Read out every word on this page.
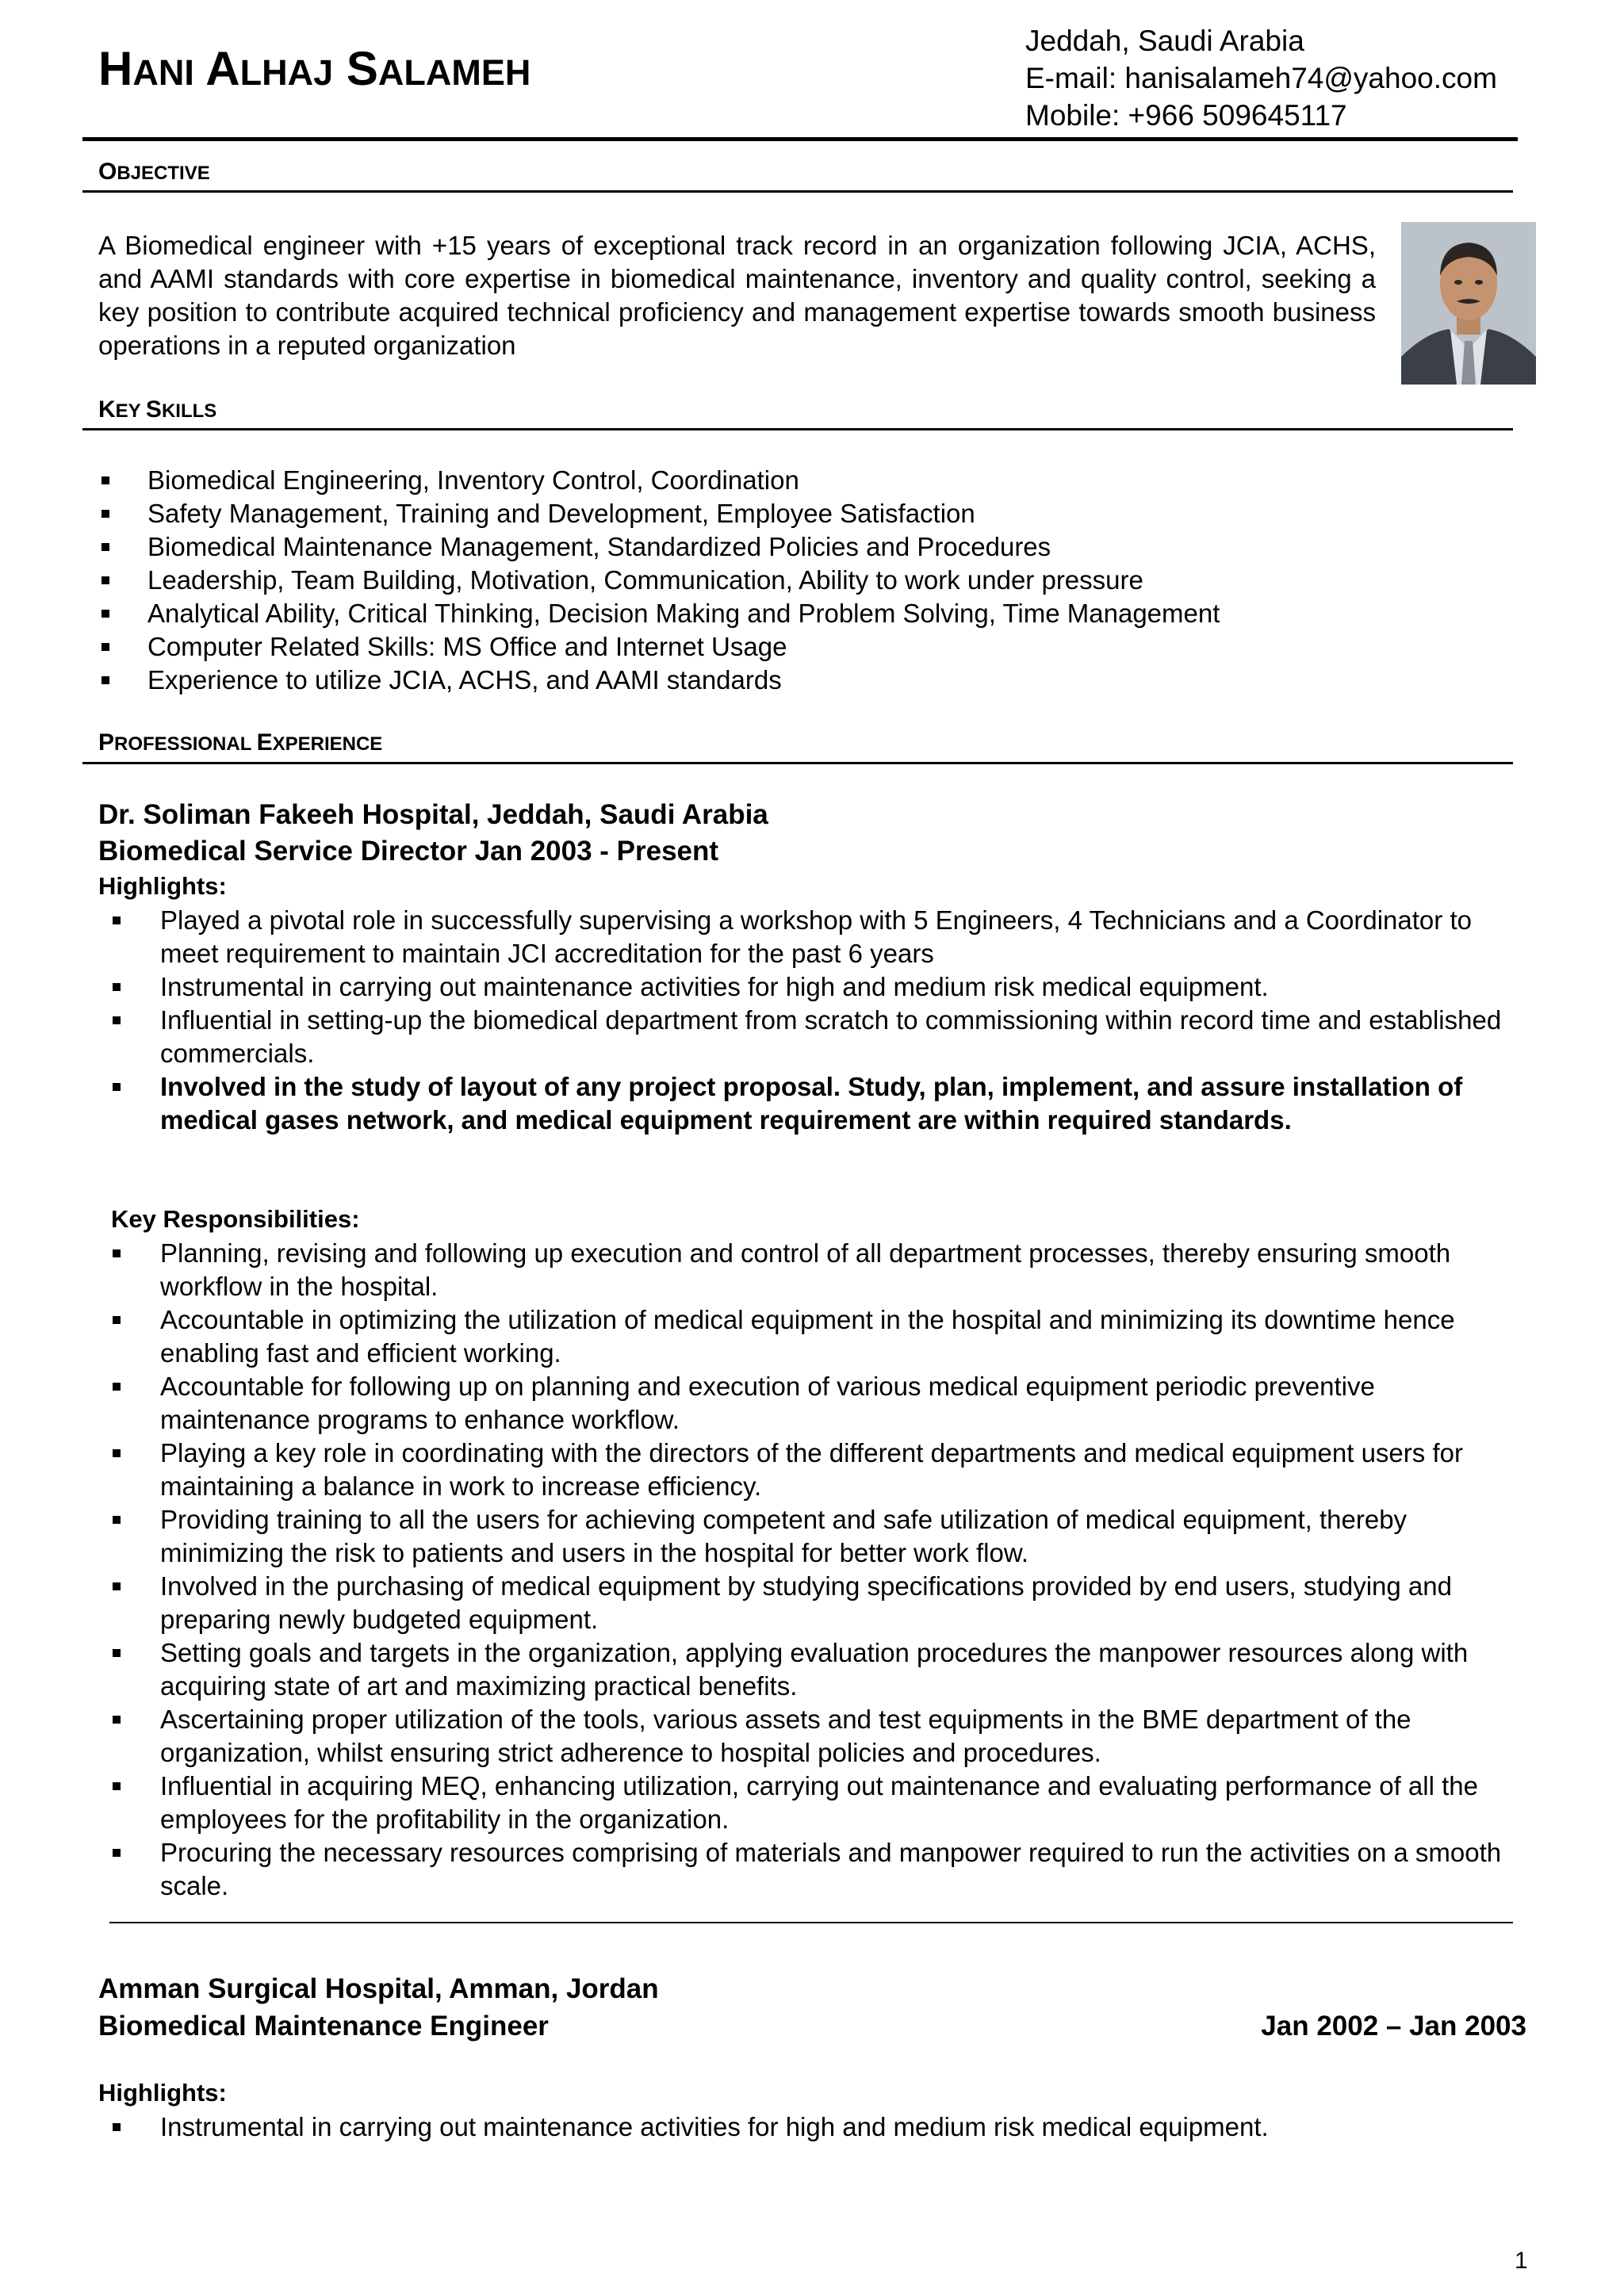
HANI ALHAJ SALAMEH
Jeddah, Saudi Arabia
E-mail: hanisalameh74@yahoo.com
Mobile: +966 509645117
OBJECTIVE
A Biomedical engineer with +15 years of exceptional track record in an organization following JCIA, ACHS, and AAMI standards with core expertise in biomedical maintenance, inventory and quality control, seeking a key position to contribute acquired technical proficiency and management expertise towards smooth business operations in a reputed organization
KEY SKILLS
Biomedical Engineering, Inventory Control, Coordination
Safety Management, Training and Development, Employee Satisfaction
Biomedical Maintenance Management, Standardized Policies and Procedures
Leadership, Team Building, Motivation, Communication, Ability to work under pressure
Analytical Ability, Critical Thinking, Decision Making and Problem Solving, Time Management
Computer Related Skills: MS Office and Internet Usage
Experience to utilize JCIA, ACHS, and AAMI standards
PROFESSIONAL EXPERIENCE
Dr. Soliman Fakeeh Hospital, Jeddah, Saudi Arabia
Biomedical Service Director Jan 2003 - Present
Highlights:
Played a pivotal role in successfully supervising a workshop with 5 Engineers, 4 Technicians and a Coordinator to meet requirement to maintain JCI accreditation for the past 6 years
Instrumental in carrying out maintenance activities for high and medium risk medical equipment.
Influential in setting-up the biomedical department from scratch to commissioning within record time and established commercials.
Involved in the study of layout of any project proposal. Study, plan, implement, and assure installation of medical gases network, and medical equipment requirement are within required standards.
Key Responsibilities:
Planning, revising and following up execution and control of all department processes, thereby ensuring smooth workflow in the hospital.
Accountable in optimizing the utilization of medical equipment in the hospital and minimizing its downtime hence enabling fast and efficient working.
Accountable for following up on planning and execution of various medical equipment periodic preventive maintenance programs to enhance workflow.
Playing a key role in coordinating with the directors of the different departments and medical equipment users for maintaining a balance in work to increase efficiency.
Providing training to all the users for achieving competent and safe utilization of medical equipment, thereby minimizing the risk to patients and users in the hospital for better work flow.
Involved in the purchasing of medical equipment by studying specifications provided by end users, studying and preparing newly budgeted equipment.
Setting goals and targets in the organization, applying evaluation procedures the manpower resources along with acquiring state of art and maximizing practical benefits.
Ascertaining proper utilization of the tools, various assets and test equipments in the BME department of the organization, whilst ensuring strict adherence to hospital policies and procedures.
Influential in acquiring MEQ, enhancing utilization, carrying out maintenance and evaluating performance of all the employees for the profitability in the organization.
Procuring the necessary resources comprising of materials and manpower required to run the activities on a smooth scale.
Amman Surgical Hospital, Amman, Jordan
Biomedical Maintenance Engineer	Jan 2002 – Jan 2003
Highlights:
Instrumental in carrying out maintenance activities for high and medium risk medical equipment.
1
